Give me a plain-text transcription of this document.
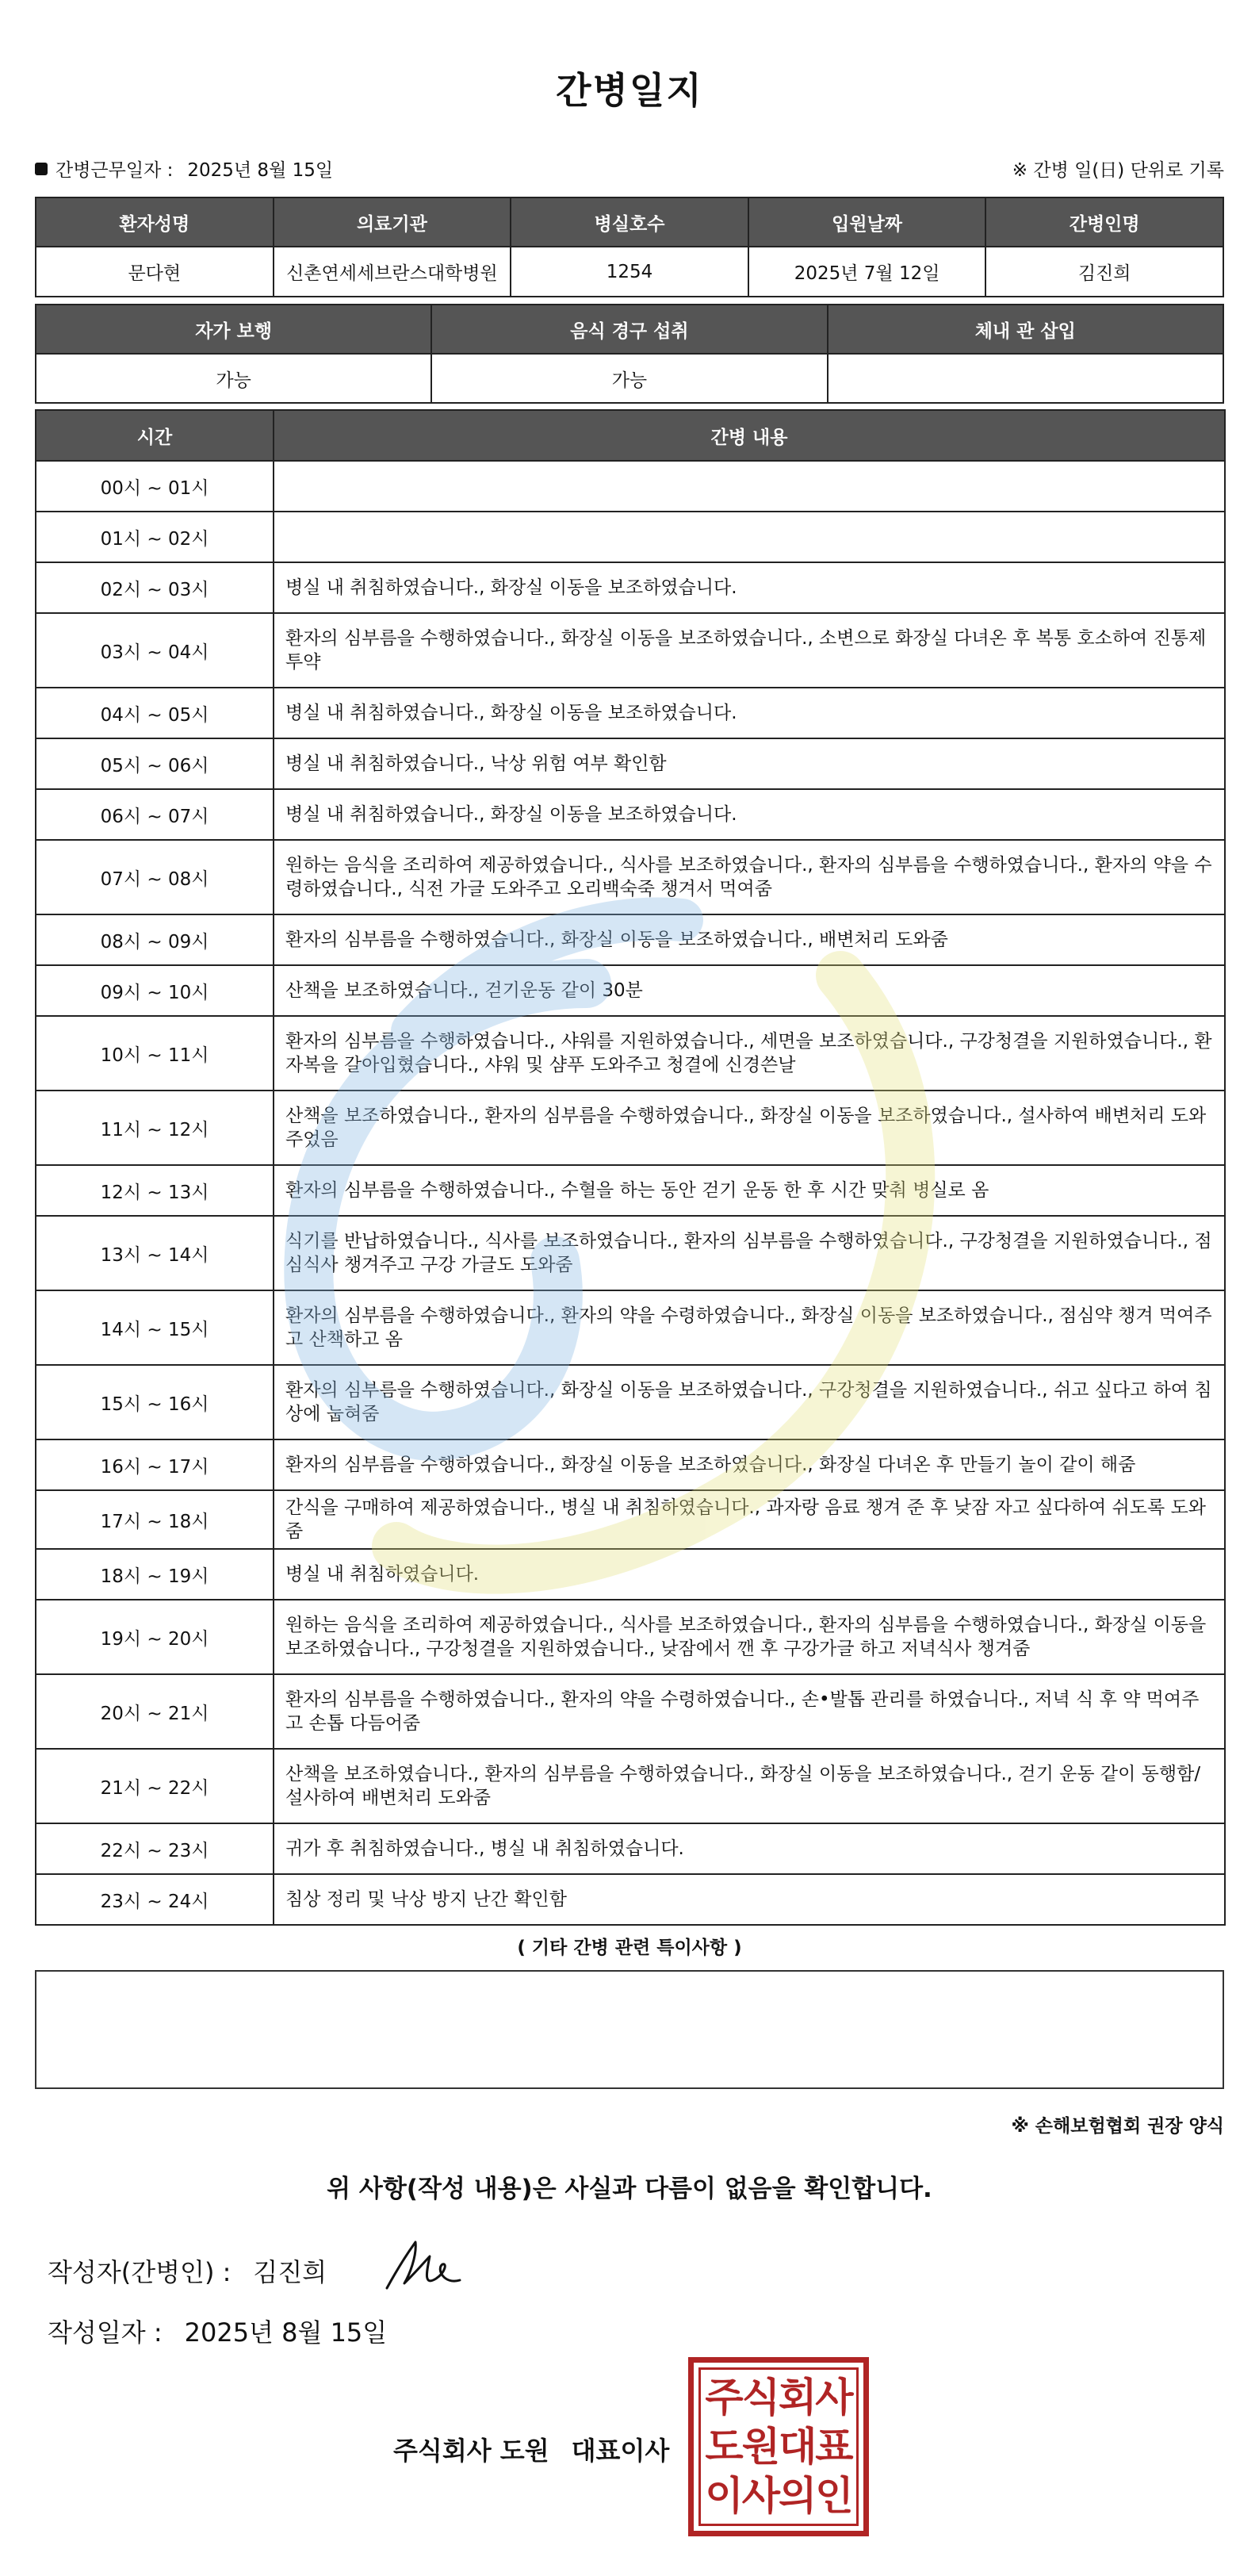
간병일지
간병근무일자 : 2025년 8월 15일	※ 간병 일(日) 단위로 기록
환자성명	의료기관	병실호수	입원날짜	간병인명
문다현	신촌연세세브란스대학병원	1254	2025년 7월 12일	김진희
자가 보행	음식 경구 섭취	체내 관 삽입
가능	가능	
시간	간병 내용
00시 ~ 01시	
01시 ~ 02시	
02시 ~ 03시	병실 내 취침하였습니다., 화장실 이동을 보조하였습니다.
03시 ~ 04시	환자의 심부름을 수행하였습니다., 화장실 이동을 보조하였습니다., 소변으로 화장실 다녀온 후 복통 호소하여 진통제 투약
04시 ~ 05시	병실 내 취침하였습니다., 화장실 이동을 보조하였습니다.
05시 ~ 06시	병실 내 취침하였습니다., 낙상 위험 여부 확인함
06시 ~ 07시	병실 내 취침하였습니다., 화장실 이동을 보조하였습니다.
07시 ~ 08시	원하는 음식을 조리하여 제공하였습니다., 식사를 보조하였습니다., 환자의 심부름을 수행하였습니다., 환자의 약을 수령하였습니다., 식전 가글 도와주고 오리백숙죽 챙겨서 먹여줌
08시 ~ 09시	환자의 심부름을 수행하였습니다., 화장실 이동을 보조하였습니다., 배변처리 도와줌
09시 ~ 10시	산책을 보조하였습니다., 걷기운동 같이 30분
10시 ~ 11시	환자의 심부름을 수행하였습니다., 샤워를 지원하였습니다., 세면을 보조하였습니다., 구강청결을 지원하였습니다., 환자복을 갈아입혔습니다., 샤워 및 샴푸 도와주고 청결에 신경쓴날
11시 ~ 12시	산책을 보조하였습니다., 환자의 심부름을 수행하였습니다., 화장실 이동을 보조하였습니다., 설사하여 배변처리 도와주었음
12시 ~ 13시	환자의 심부름을 수행하였습니다., 수혈을 하는 동안 걷기 운동 한 후 시간 맞춰 병실로 옴
13시 ~ 14시	식기를 반납하였습니다., 식사를 보조하였습니다., 환자의 심부름을 수행하였습니다., 구강청결을 지원하였습니다., 점심식사 챙겨주고 구강 가글도 도와줌
14시 ~ 15시	환자의 심부름을 수행하였습니다., 환자의 약을 수령하였습니다., 화장실 이동을 보조하였습니다., 점심약 챙겨 먹여주고 산책하고 옴
15시 ~ 16시	환자의 심부름을 수행하였습니다., 화장실 이동을 보조하였습니다., 구강청결을 지원하였습니다., 쉬고 싶다고 하여 침상에 눕혀줌
16시 ~ 17시	환자의 심부름을 수행하였습니다., 화장실 이동을 보조하였습니다., 화장실 다녀온 후 만들기 놀이 같이 해줌
17시 ~ 18시	간식을 구매하여 제공하였습니다., 병실 내 취침하였습니다., 과자랑 음료 챙겨 준 후 낮잠 자고 싶다하여 쉬도록 도와줌
18시 ~ 19시	병실 내 취침하였습니다.
19시 ~ 20시	원하는 음식을 조리하여 제공하였습니다., 식사를 보조하였습니다., 환자의 심부름을 수행하였습니다., 화장실 이동을 보조하였습니다., 구강청결을 지원하였습니다., 낮잠에서 깬 후 구강가글 하고 저녁식사 챙겨줌
20시 ~ 21시	환자의 심부름을 수행하였습니다., 환자의 약을 수령하였습니다., 손•발톱 관리를 하였습니다., 저녁 식 후 약 먹여주고 손톱 다듬어줌
21시 ~ 22시	산책을 보조하였습니다., 환자의 심부름을 수행하였습니다., 화장실 이동을 보조하였습니다., 걷기 운동 같이 동행함/ 설사하여 배변처리 도와줌
22시 ~ 23시	귀가 후 취침하였습니다., 병실 내 취침하였습니다.
23시 ~ 24시	침상 정리 및 낙상 방지 난간 확인함
( 기타 간병 관련 특이사항 )
※ 손해보험협회 권장 양식
위 사항(작성 내용)은 사실과 다름이 없음을 확인합니다.
작성자(간병인) : 김진희
작성일자 : 2025년 8월 15일
주식회사 도원 대표이사
주식회사
도원대표
이사의인
